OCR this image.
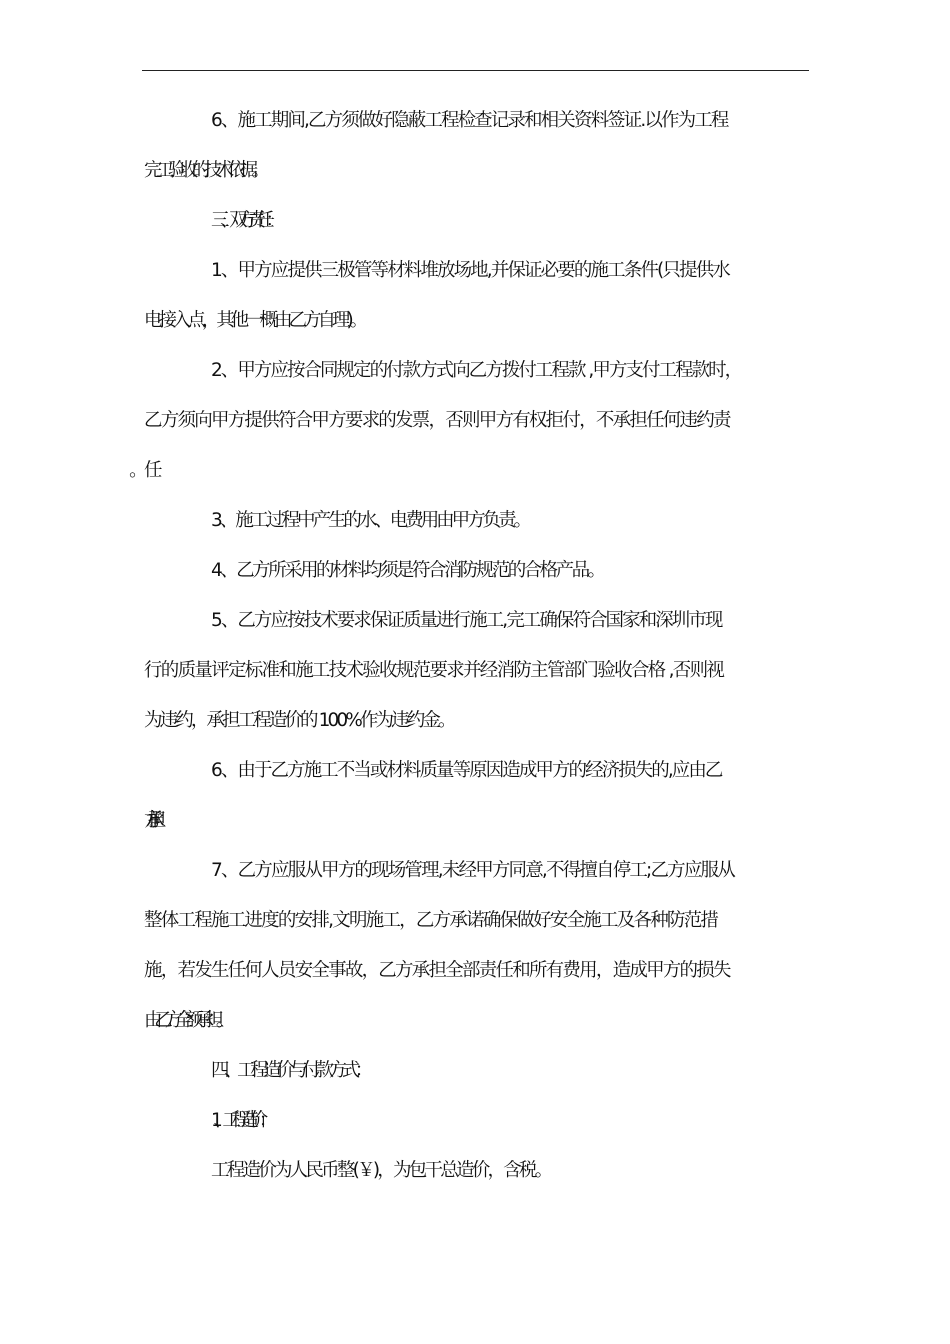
6、施工期间,乙方须做好隐蔽工程检查记录和相关资料签证.以作为工程
完工验收的技术依据。

三、双方责任：

1、甲方应提供三极管等材料堆放场地,并保证必要的施工条件(只提供水
电接入点，其他一概由乙方自理)。

2、甲方应按合同规定的付款方式向乙方拨付工程款 ,甲方支付工程款时，
乙方须向甲方提供符合甲方要求的发票，否则甲方有权拒付，不承担任何违约责

3、施工过程中产生的水、电费用由甲方负责。

4、乙方所采用的材料均须是符合消防规范的合格产品。

5、乙方应按技术要求保证质量进行施工,完工确保符合国家和深圳市现
行的质量评定标准和施工技术验收规范要求并经消防主管部门验收合格 ,否则视
为违约，承担工程造价的 100%作为违约金。

6、由于乙方施工不当或材料质量等原因造成甲方的经济损失的,应由乙
方承担。

7、乙方应服从甲方的现场管理,未经甲方同意,不得擅自停工;乙方应服从
整体工程施工进度的安排,文明施工，乙方承诺确保做好安全施工及各种防范措
施，若发生任何人员安全事故，乙方承担全部责任和所有费用，造成甲方的损失
由乙方全额承担。

四、工程造价与付款方式：

1、工程造价：

工程造价为人民币整(￥)，为包干总造价，含税。
